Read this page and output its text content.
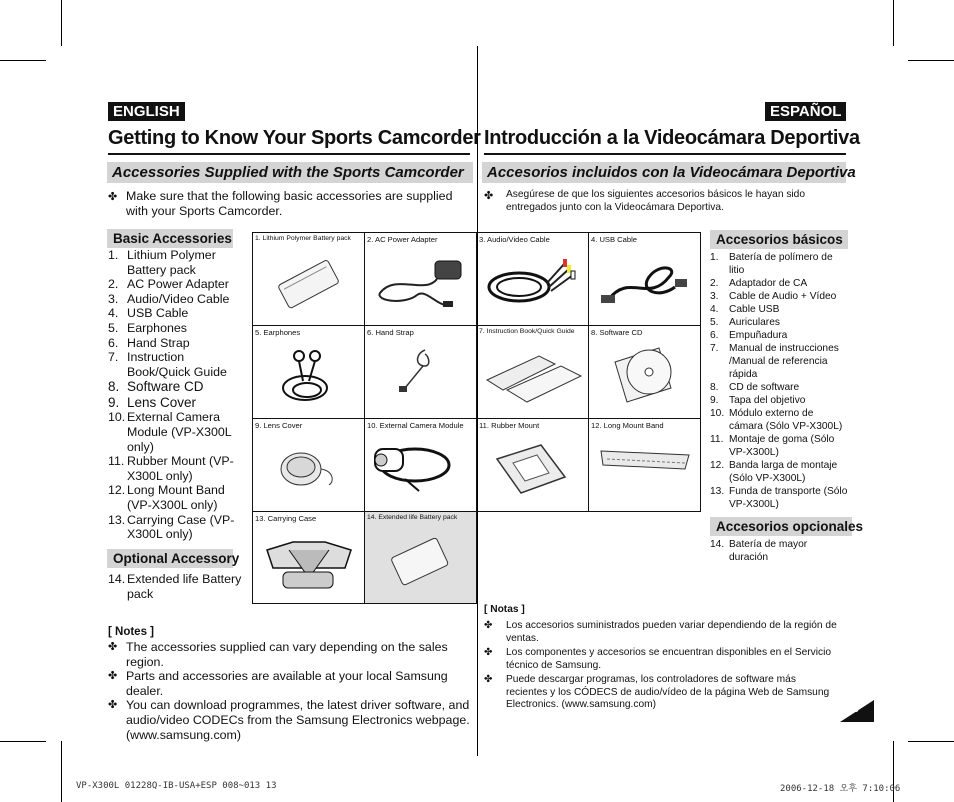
ENGLISH
Getting to Know Your Sports Camcorder
Accessories Supplied with the Sports Camcorder
✤ Make sure that the following basic accessories are supplied
with your Sports Camcorder.
Basic Accessories
1. Lithium Polymer Battery pack
2. AC Power Adapter
3. Audio/Video Cable
4. USB Cable
5. Earphones
6. Hand Strap
7. Instruction Book/Quick Guide
8. Software CD
9. Lens Cover
10. External Camera Module (VP-X300L only)
11. Rubber Mount (VP-X300L only)
12. Long Mount Band (VP-X300L only)
13. Carrying Case (VP-X300L only)
Optional Accessory
14. Extended life Battery pack
[ Notes ]
✤ The accessories supplied can vary depending on the sales region.
✤ Parts and accessories are available at your local Samsung dealer.
✤ You can download programmes, the latest driver software, and audio/video CODECs from the Samsung Electronics webpage. (www.samsung.com)
ESPAÑOL
Introducción a la Videocámara Deportiva
Accesorios incluidos con la Videocámara Deportiva
✤ Asegúrese de que los siguientes accesorios básicos le hayan sido
entregados junto con la Videocámara Deportiva.
Accesorios básicos
1. Batería de polímero de litio
2. Adaptador de CA
3. Cable de Audio + Vídeo
4. Cable USB
5. Auriculares
6. Empuñadura
7. Manual de instrucciones /Manual de referencia rápida
8. CD de software
9. Tapa del objetivo
10. Módulo externo de cámara (Sólo VP-X300L)
11. Montaje de goma (Sólo VP-X300L)
12. Banda larga de montaje (Sólo VP-X300L)
13. Funda de transporte (Sólo VP-X300L)
Accesorios opcionales
14. Batería de mayor duración
[ Notas ]
✤ Los accesorios suministrados pueden variar dependiendo de la región de ventas.
✤ Los componentes y accesorios se encuentran disponibles en el Servicio técnico de Samsung.
✤ Puede descargar programas, los controladores de software más recientes y los CÓDECS de audio/vídeo de la página Web de Samsung Electronics. (www.samsung.com)
1. Lithium Polymer Battery pack 2. AC Power Adapter	3. Audio/Video Cable	4. USB Cable
5. Earphones	6. Hand Strap	7. Instruction Book/Quick Guide 8. Software CD
9. Lens Cover	10. External Camera Module 11. Rubber Mount	12. Long Mount Band
13. Carrying Case	14. Extended life Battery pack
13
VP-X300L 01228Q-IB-USA+ESP 008~013 13	2006-12-18 오후 7:10:06
